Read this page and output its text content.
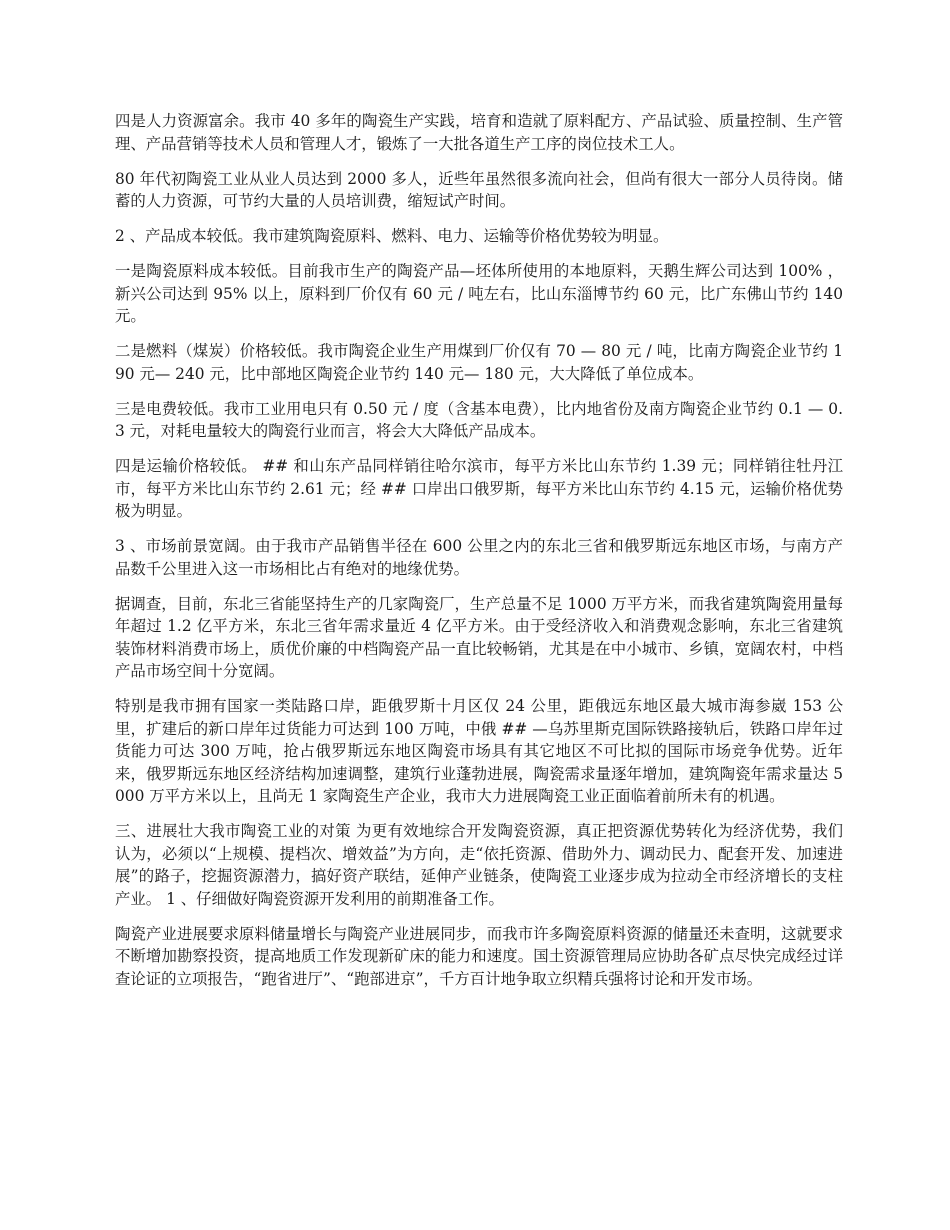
四是人力资源富余。我市 40 多年的陶瓷生产实践，培育和造就了原料配方、产品试验、质量控制、生产管理、产品营销等技术人员和管理人才，锻炼了一大批各道生产工序的岗位技术工人。

80 年代初陶瓷工业从业人员达到 2000 多人，近些年虽然很多流向社会，但尚有很大一部分人员待岗。储蓄的人力资源，可节约大量的人员培训费，缩短试产时间。

2 、产品成本较低。我市建筑陶瓷原料、燃料、电力、运输等价格优势较为明显。

一是陶瓷原料成本较低。目前我市生产的陶瓷产品—坯体所使用的本地原料，天鹅生辉公司达到 100% ，新兴公司达到 95% 以上，原料到厂价仅有 60 元 / 吨左右，比山东淄博节约 60 元，比广东佛山节约 140 元。

二是燃料（煤炭）价格较低。我市陶瓷企业生产用煤到厂价仅有 70 — 80 元 / 吨，比南方陶瓷企业节约 190 元— 240 元，比中部地区陶瓷企业节约 140 元— 180 元，大大降低了单位成本。

三是电费较低。我市工业用电只有 0.50 元 / 度（含基本电费），比内地省份及南方陶瓷企业节约 0.1 — 0.3 元，对耗电量较大的陶瓷行业而言，将会大大降低产品成本。

四是运输价格较低。 ## 和山东产品同样销往哈尔滨市，每平方米比山东节约 1.39 元；同样销往牡丹江市，每平方米比山东节约 2.61 元；经 ## 口岸出口俄罗斯，每平方米比山东节约 4.15 元，运输价格优势极为明显。

3 、市场前景宽阔。由于我市产品销售半径在 600 公里之内的东北三省和俄罗斯远东地区市场，与南方产品数千公里进入这一市场相比占有绝对的地缘优势。

据调查，目前，东北三省能坚持生产的几家陶瓷厂，生产总量不足 1000 万平方米，而我省建筑陶瓷用量每年超过 1.2 亿平方米，东北三省年需求量近 4 亿平方米。由于受经济收入和消费观念影响，东北三省建筑装饰材料消费市场上，质优价廉的中档陶瓷产品一直比较畅销，尤其是在中小城市、乡镇，宽阔农村，中档产品市场空间十分宽阔。

特别是我市拥有国家一类陆路口岸，距俄罗斯十月区仅 24 公里，距俄远东地区最大城市海参崴 153 公里，扩建后的新口岸年过货能力可达到 100 万吨，中俄 ## —乌苏里斯克国际铁路接轨后，铁路口岸年过货能力可达 300 万吨，抢占俄罗斯远东地区陶瓷市场具有其它地区不可比拟的国际市场竞争优势。近年来，俄罗斯远东地区经济结构加速调整，建筑行业蓬勃进展，陶瓷需求量逐年增加，建筑陶瓷年需求量达 5000 万平方米以上，且尚无 1 家陶瓷生产企业，我市大力进展陶瓷工业正面临着前所未有的机遇。

三、进展壮大我市陶瓷工业的对策 为更有效地综合开发陶瓷资源，真正把资源优势转化为经济优势，我们认为，必须以“上规模、提档次、增效益”为方向，走“依托资源、借助外力、调动民力、配套开发、加速进展”的路子，挖掘资源潜力，搞好资产联结，延伸产业链条，使陶瓷工业逐步成为拉动全市经济增长的支柱产业。 1 、仔细做好陶瓷资源开发利用的前期准备工作。

陶瓷产业进展要求原料储量增长与陶瓷产业进展同步，而我市许多陶瓷原料资源的储量还未查明，这就要求不断增加勘察投资，提高地质工作发现新矿床的能力和速度。国土资源管理局应协助各矿点尽快完成经过详查论证的立项报告，“跑省进厅”、“跑部进京”，千方百计地争取立织精兵强将讨论和开发市场。
